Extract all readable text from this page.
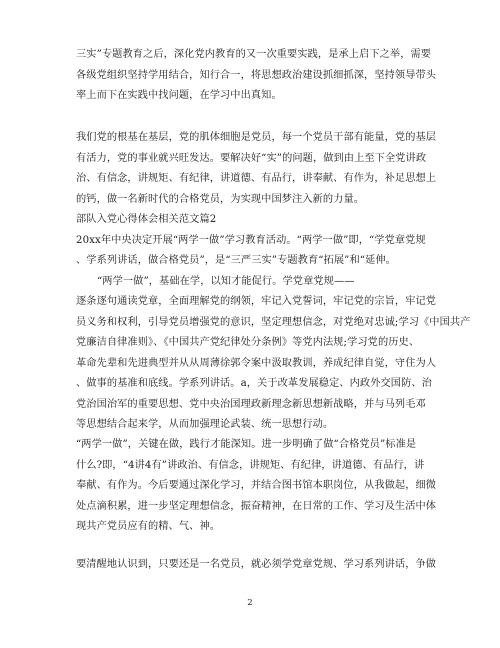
三实”专题教育之后，深化党内教育的又一次重要实践，是承上启下之举，需要
各级党组织坚持学用结合，知行合一，将思想政治建设抓细抓深，坚持领导带头
率上而下在实践中找问题，在学习中出真知。
我们党的根基在基层，党的肌体细胞是党员，每一个党员干部有能量，党的基层
有活力，党的事业就兴旺发达。要解决好“实”的问题，做到由上至下全党讲政
治、有信念，讲规矩、有纪律，讲道德、有品行，讲奉献、有作为，补足思想上
的钙，做一名新时代的合格党员，为实现中国梦注入新的力量。
部队入党心得体会相关范文篇2
20xx年中央决定开展“两学一做”学习教育活动。“两学一做”即，“学党章党规
、学系列讲话，做合格党员”，是“三严三实”专题教育“拓展”和“延伸。
“两学一做”，基础在学，以知才能促行。学党章党规——
逐条逐句通读党章，全面理解党的纲领，牢记入党誓词，牢记党的宗旨，牢记党
员义务和权利，引导党员增强党的意识，坚定理想信念，对党绝对忠诚;学习《中国共产
党廉洁自律准则》、《中国共产党纪律处分条例》等党内法规;学习党的历史、
革命先辈和先进典型并从从周薄徐郭令案中汲取教训，养成纪律自觉，守住为人
、做事的基准和底线。学系列讲话。a，关于改革发展稳定、内政外交国防、治
党治国治军的重要思想、党中央治国理政新理念新思想新战略，并与马列毛邓
等思想结合起来学，从而加强理论武装、统一思想行动。
“两学一做”，关键在做，践行才能深知。进一步明确了做“合格党员”标准是
什么?即，“4讲4有”讲政治、有信念，讲规矩、有纪律，讲道德、有品行，讲
奉献、有作为。今后要通过深化学习，并结合图书馆本职岗位，从我做起，细微
处点滴积累，进一步坚定理想信念，振奋精神，在日常的工作、学习及生活中体
现共产党员应有的精、气、神。
要清醒地认识到，只要还是一名党员，就必须学党章党规、学习系列讲话，争做
2
